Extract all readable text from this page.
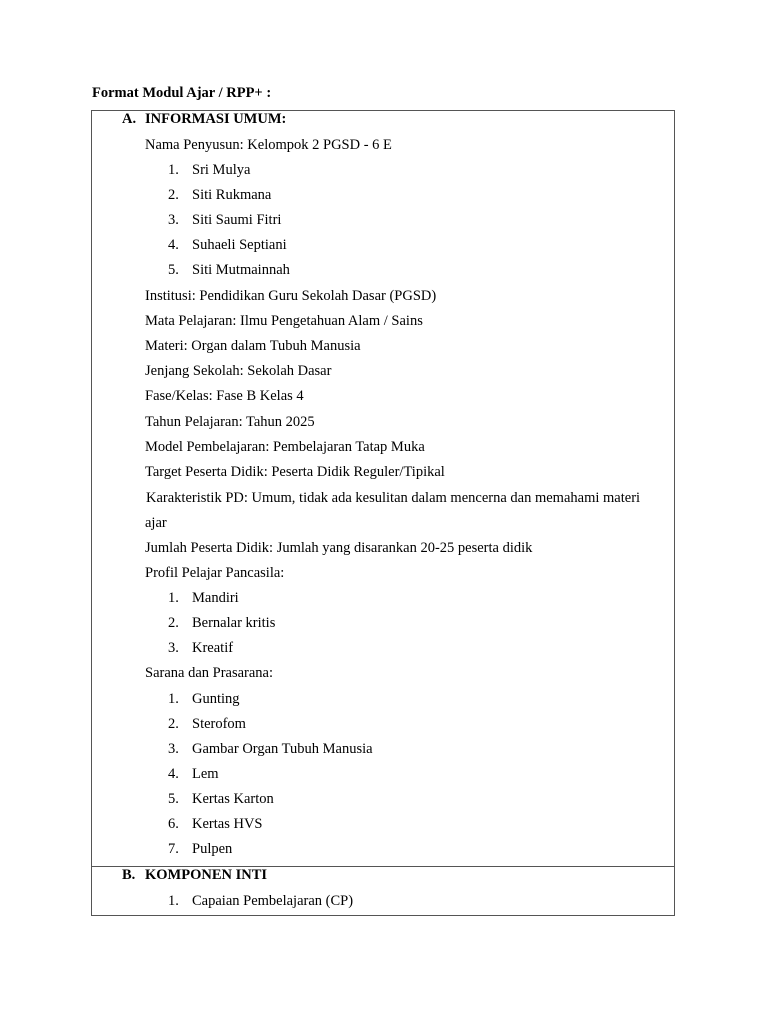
Format Modul Ajar / RPP+ :
A. INFORMASI UMUM:
Nama Penyusun: Kelompok 2 PGSD - 6 E
1. Sri Mulya
2. Siti Rukmana
3. Siti Saumi Fitri
4. Suhaeli Septiani
5. Siti Mutmainnah
Institusi: Pendidikan Guru Sekolah Dasar (PGSD)
Mata Pelajaran: Ilmu Pengetahuan Alam / Sains
Materi: Organ dalam Tubuh Manusia
Jenjang Sekolah: Sekolah Dasar
Fase/Kelas: Fase B Kelas 4
Tahun Pelajaran: Tahun 2025
Model Pembelajaran: Pembelajaran Tatap Muka
Target Peserta Didik: Peserta Didik Reguler/Tipikal
Karakteristik PD: Umum, tidak ada kesulitan dalam mencerna dan memahami materi
ajar
Jumlah Peserta Didik: Jumlah yang disarankan 20-25 peserta didik
Profil Pelajar Pancasila:
1. Mandiri
2. Bernalar kritis
3. Kreatif
Sarana dan Prasarana:
1. Gunting
2. Sterofom
3. Gambar Organ Tubuh Manusia
4. Lem
5. Kertas Karton
6. Kertas HVS
7. Pulpen
B. KOMPONEN INTI
1. Capaian Pembelajaran (CP)
